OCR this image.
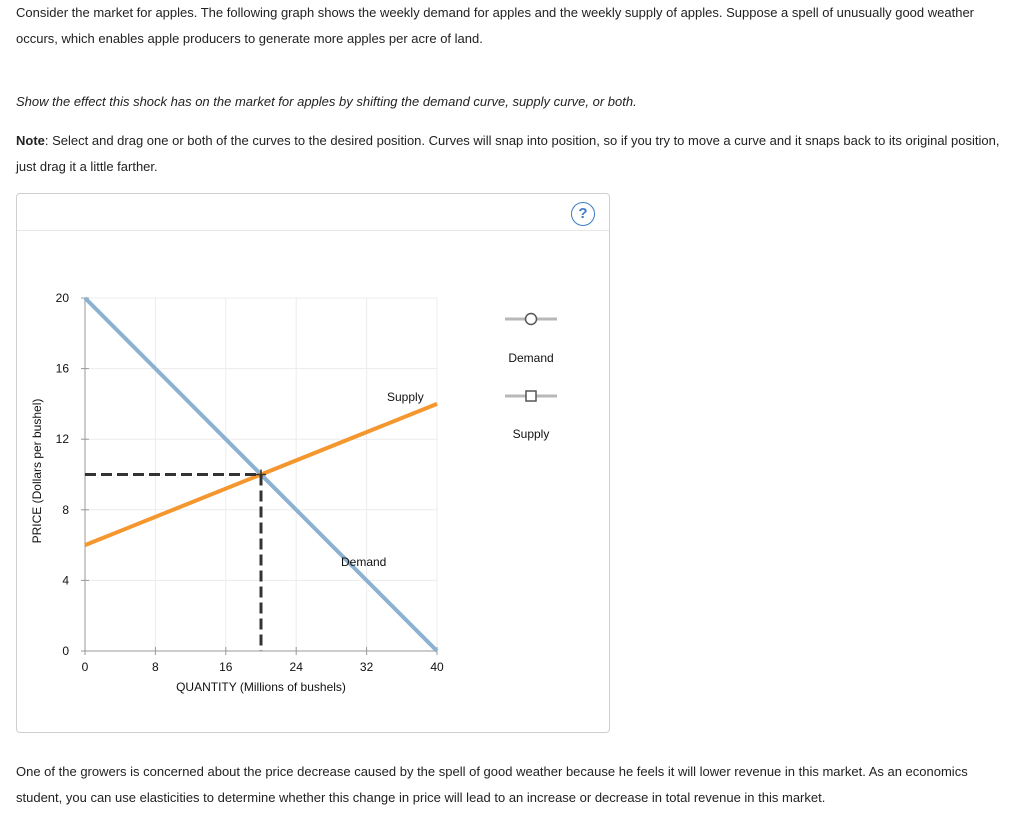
Consider the market for apples. The following graph shows the weekly demand for apples and the weekly supply of apples. Suppose a spell of unusually good weather occurs, which enables apple producers to generate more apples per acre of land.

Show the effect this shock has on the market for apples by shifting the demand curve, supply curve, or both.

Note: Select and drag one or both of the curves to the desired position. Curves will snap into position, so if you try to move a curve and it snaps back to its original position, just drag it a little farther.

?
0	8	16	24	32	40
0
4
8
12
16
20
QUANTITY (Millions of bushels)
PRICE (Dollars per bushel)
Supply
Demand
Demand
Supply

One of the growers is concerned about the price decrease caused by the spell of good weather because he feels it will lower revenue in this market. As an economics student, you can use elasticities to determine whether this change in price will lead to an increase or decrease in total revenue in this market.
